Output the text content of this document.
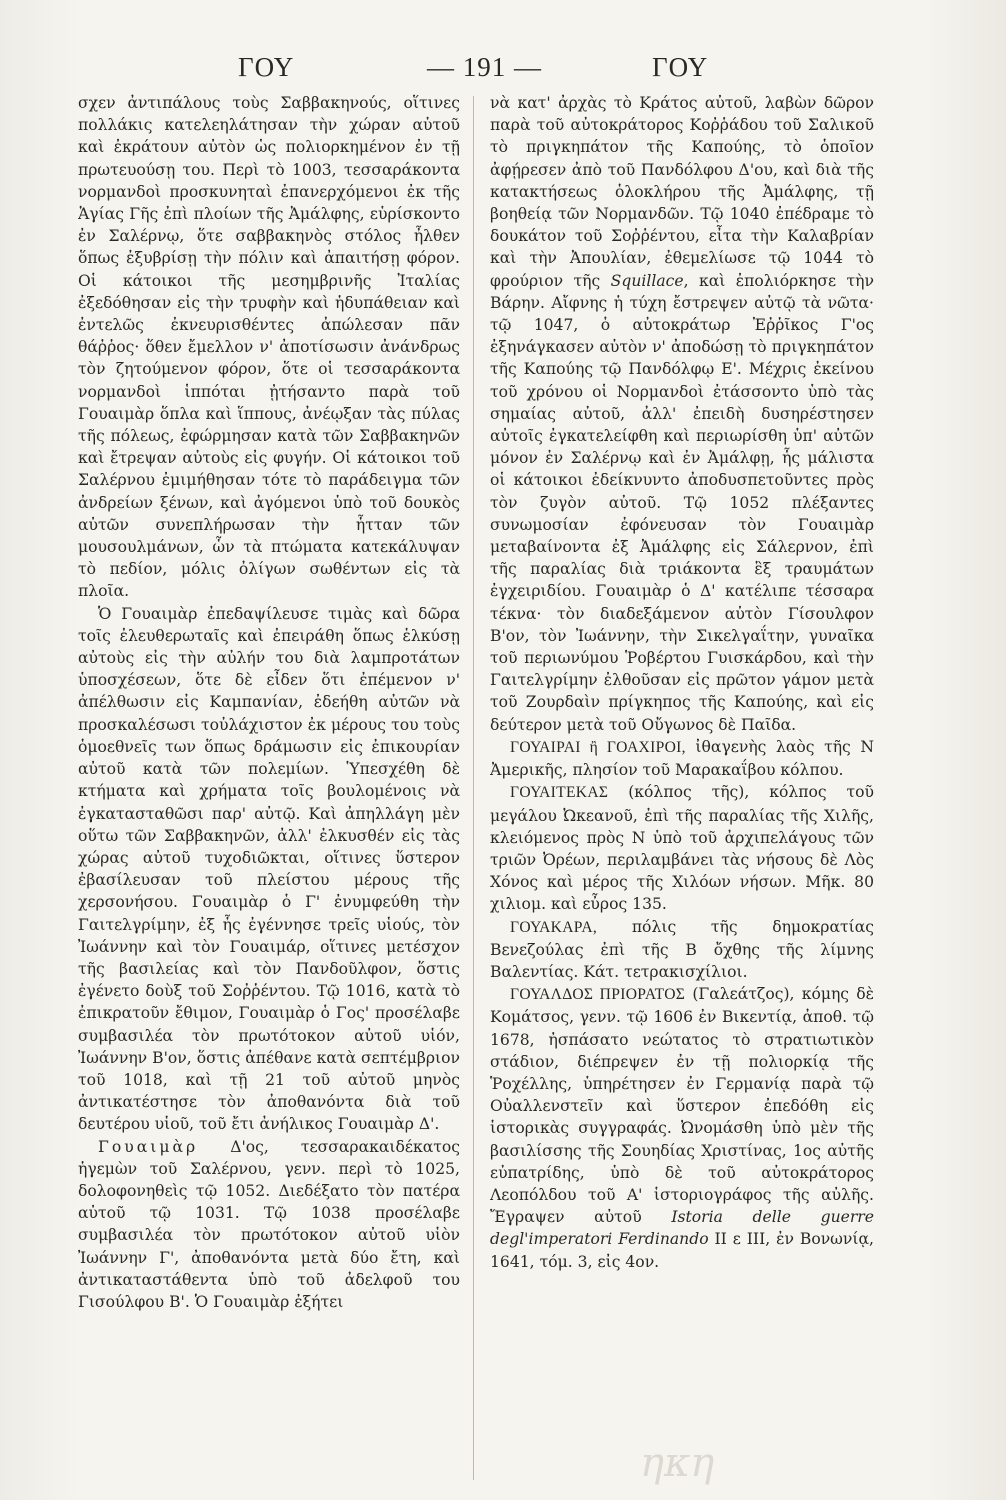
ΓΟΥ	— 191 —	ΓΟΥ

σχεν ἀντιπάλους τοὺς Σαββακηνούς, οἵτινες πολλάκις κατελεηλάτησαν τὴν χώραν αὐτοῦ καὶ ἐκράτουν αὐτὸν ὡς πολιορκημένον ἐν τῇ πρωτευούσῃ του. Περὶ τὸ 1003, τεσσαράκοντα νορμανδοὶ προσκυνηταὶ ἐπανερχόμενοι ἐκ τῆς Ἁγίας Γῆς ἐπὶ πλοίων τῆς Ἀμάλφης, εὑρίσκοντο ἐν Σαλέρνῳ, ὅτε σαββακηνὸς στόλος ἦλθεν ὅπως ἐξυβρίσῃ τὴν πόλιν καὶ ἀπαιτήσῃ φόρον. Οἱ κάτοικοι τῆς μεσημβρινῆς Ἰταλίας ἐξεδόθησαν εἰς τὴν τρυφὴν καὶ ἡδυπάθειαν καὶ ἐντελῶς ἐκνευρισθέντες ἀπώλεσαν πᾶν θάῤῥος· ὅθεν ἔμελλον ν' ἀποτίσωσιν ἀνάνδρως τὸν ζητούμενον φόρον, ὅτε οἱ τεσσαράκοντα νορμανδοὶ ἱππόται ᾐτήσαντο παρὰ τοῦ Γουαιμὰρ ὅπλα καὶ ἵππους, ἀνέῳξαν τὰς πύλας τῆς πόλεως, ἐφώρμησαν κατὰ τῶν Σαββακηνῶν καὶ ἔτρεψαν αὐτοὺς εἰς φυγήν. Οἱ κάτοικοι τοῦ Σαλέρνου ἐμιμήθησαν τότε τὸ παράδειγμα τῶν ἀνδρείων ξένων, καὶ ἀγόμενοι ὑπὸ τοῦ δουκὸς αὐτῶν συνεπλήρωσαν τὴν ἧτταν τῶν μουσουλμάνων, ὧν τὰ πτώματα κατεκάλυψαν τὸ πεδίον, μόλις ὀλίγων σωθέντων εἰς τὰ πλοῖα.

Ὁ Γουαιμὰρ ἐπεδαψίλευσε τιμὰς καὶ δῶρα τοῖς ἐλευθερωταῖς καὶ ἐπειράθη ὅπως ἑλκύσῃ αὐτοὺς εἰς τὴν αὐλήν του διὰ λαμπροτάτων ὑποσχέσεων, ὅτε δὲ εἶδεν ὅτι ἐπέμενον ν' ἀπέλθωσιν εἰς Καμπανίαν, ἐδεήθη αὐτῶν νὰ προσκαλέσωσι τοὐλάχιστον ἐκ μέρους του τοὺς ὁμοεθνεῖς των ὅπως δράμωσιν εἰς ἐπικουρίαν αὐτοῦ κατὰ τῶν πολεμίων. Ὑπεσχέθη δὲ κτήματα καὶ χρήματα τοῖς βουλομένοις νὰ ἐγκατασταθῶσι παρ' αὐτῷ. Καὶ ἀπηλλάγη μὲν οὕτω τῶν Σαββακηνῶν, ἀλλ' ἐλκυσθέν εἰς τὰς χώρας αὐτοῦ τυχοδιῶκται, οἵτινες ὕστερον ἐβασίλευσαν τοῦ πλείστου μέρους τῆς χερσονήσου. Γουαιμὰρ ὁ Γ' ἐνυμφεύθη τὴν Γαιτελγρίμην, ἐξ ἧς ἐγέννησε τρεῖς υἱούς, τὸν Ἰωάννην καὶ τὸν Γουαιμάρ, οἵτινες μετέσχον τῆς βασιλείας καὶ τὸν Πανδοῦλφον, ὅστις ἐγένετο δοὺξ τοῦ Σοῤῥέντου. Τῷ 1016, κατὰ τὸ ἐπικρατοῦν ἔθιμον, Γουαιμὰρ ὁ Γος' προσέλαβε συμβασιλέα τὸν πρωτότοκον αὐτοῦ υἱόν, Ἰωάννην Β'ον, ὅστις ἀπέθανε κατὰ σεπτέμβριον τοῦ 1018, καὶ τῇ 21 τοῦ αὐτοῦ μηνὸς ἀντικατέστησε τὸν ἀποθανόντα διὰ τοῦ δευτέρου υἱοῦ, τοῦ ἔτι ἀνήλικος Γουαιμὰρ Δ'.

Γουαιμὰρ Δ'ος, τεσσαρακαιδέκατος ἡγεμὼν τοῦ Σαλέρνου, γενν. περὶ τὸ 1025, δολοφονηθεὶς τῷ 1052. Διεδέξατο τὸν πατέρα αὐτοῦ τῷ 1031. Τῷ 1038 προσέλαβε συμβασιλέα τὸν πρωτότοκον αὐτοῦ υἱὸν Ἰωάννην Γ', ἀποθανόντα μετὰ δύο ἔτη, καὶ ἀντικαταστάθεντα ὑπὸ τοῦ ἀδελφοῦ του Γισούλφου Β'. Ὁ Γουαιμὰρ ἐξήτει

νὰ κατ' ἀρχὰς τὸ Κράτος αὐτοῦ, λαβὼν δῶρον παρὰ τοῦ αὐτοκράτορος Κοῤῥάδου τοῦ Σαλικοῦ τὸ πριγκηπάτον τῆς Καπούης, τὸ ὁποῖον ἀφῄρεσεν ἀπὸ τοῦ Πανδόλφου Δ'ου, καὶ διὰ τῆς κατακτήσεως ὁλοκλήρου τῆς Ἀμάλφης, τῇ βοηθείᾳ τῶν Νορμανδῶν. Τῷ 1040 ἐπέδραμε τὸ δουκάτον τοῦ Σοῤῥέντου, εἶτα τὴν Καλαβρίαν καὶ τὴν Ἀπουλίαν, ἐθεμελίωσε τῷ 1044 τὸ φρούριον τῆς Squillace, καὶ ἐπολιόρκησε τὴν Βάρην. Αἴφνης ἡ τύχη ἔστρεψεν αὐτῷ τὰ νῶτα· τῷ 1047, ὁ αὐτοκράτωρ Ἐῤῥῖκος Γ'ος ἐξηνάγκασεν αὐτὸν ν' ἀποδώσῃ τὸ πριγκηπάτον τῆς Καπούης τῷ Πανδόλφῳ Ε'. Μέχρις ἐκείνου τοῦ χρόνου οἱ Νορμανδοὶ ἐτάσσοντο ὑπὸ τὰς σημαίας αὐτοῦ, ἀλλ' ἐπειδὴ δυσηρέστησεν αὐτοῖς ἐγκατελείφθη καὶ περιωρίσθη ὑπ' αὐτῶν μόνον ἐν Σαλέρνῳ καὶ ἐν Ἀμάλφῃ, ἧς μάλιστα οἱ κάτοικοι ἐδείκνυντο ἀποδυσπετοῦντες πρὸς τὸν ζυγὸν αὐτοῦ. Τῷ 1052 πλέξαντες συνωμοσίαν ἐφόνευσαν τὸν Γουαιμὰρ μεταβαίνοντα ἐξ Ἀμάλφης εἰς Σάλερνον, ἐπὶ τῆς παραλίας διὰ τριάκοντα ἓξ τραυμάτων ἐγχειριδίου. Γουαιμὰρ ὁ Δ' κατέλιπε τέσσαρα τέκνα· τὸν διαδεξάμενον αὐτὸν Γίσουλφον Β'ον, τὸν Ἰωάννην, τὴν Σικελγαΐτην, γυναῖκα τοῦ περιωνύμου Ῥοβέρτου Γυισκάρδου, καὶ τὴν Γαιτελγρίμην ἐλθοῦσαν εἰς πρῶτον γάμον μετὰ τοῦ Ζουρδαὶν πρίγκηπος τῆς Καπούης, καὶ εἰς δεύτερον μετὰ τοῦ Οὔγωνος δὲ Παῖδα.

ΓΟΥΑΙΡΑΙ ἢ ΓΟΑΧΙΡΟΙ, ἰθαγενὴς λαὸς τῆς Ν Ἀμερικῆς, πλησίον τοῦ Μαρακαΐβου κόλπου.

ΓΟΥΑΙΤΕΚΑΣ (κόλπος τῆς), κόλπος τοῦ μεγάλου Ὠκεανοῦ, ἐπὶ τῆς παραλίας τῆς Χιλῆς, κλειόμενος πρὸς Ν ὑπὸ τοῦ ἀρχιπελάγους τῶν τριῶν Ὀρέων, περιλαμβάνει τὰς νήσους δὲ Λὸς Χόνος καὶ μέρος τῆς Χιλόων νήσων. Μῆκ. 80 χιλιομ. καὶ εὖρος 135.

ΓΟΥΑΚΑΡΑ, πόλις τῆς δημοκρατίας Βενεζούλας ἐπὶ τῆς Β ὄχθης τῆς λίμνης Βαλεντίας. Κάτ. τετρακισχίλιοι.

ΓΟΥΑΛΔΟΣ ΠΡΙΟΡΑΤΟΣ (Γαλεάτζος), κόμης δὲ Κομάτσος, γενν. τῷ 1606 ἐν Βικεντίᾳ, ἀποθ. τῷ 1678, ἠσπάσατο νεώτατος τὸ στρατιωτικὸν στάδιον, διέπρεψεν ἐν τῇ πολιορκίᾳ τῆς Ῥοχέλλης, ὑπηρέτησεν ἐν Γερμανίᾳ παρὰ τῷ Οὐαλλενστεῖν καὶ ὕστερον ἐπεδόθη εἰς ἱστορικὰς συγγραφάς. Ὠνομάσθη ὑπὸ μὲν τῆς βασιλίσσης τῆς Σουηδίας Χριστίνας, 1ος αὐτῆς εὐπατρίδης, ὑπὸ δὲ τοῦ αὐτοκράτορος Λεοπόλδου τοῦ Α' ἱστοριογράφος τῆς αὐλῆς. Ἔγραψεν αὐτοῦ Istoria delle guerre degl'imperatori Ferdinando II ε III, ἐν Βονωνίᾳ, 1641, τόμ. 3, εἰς 4ον.

ηκη
